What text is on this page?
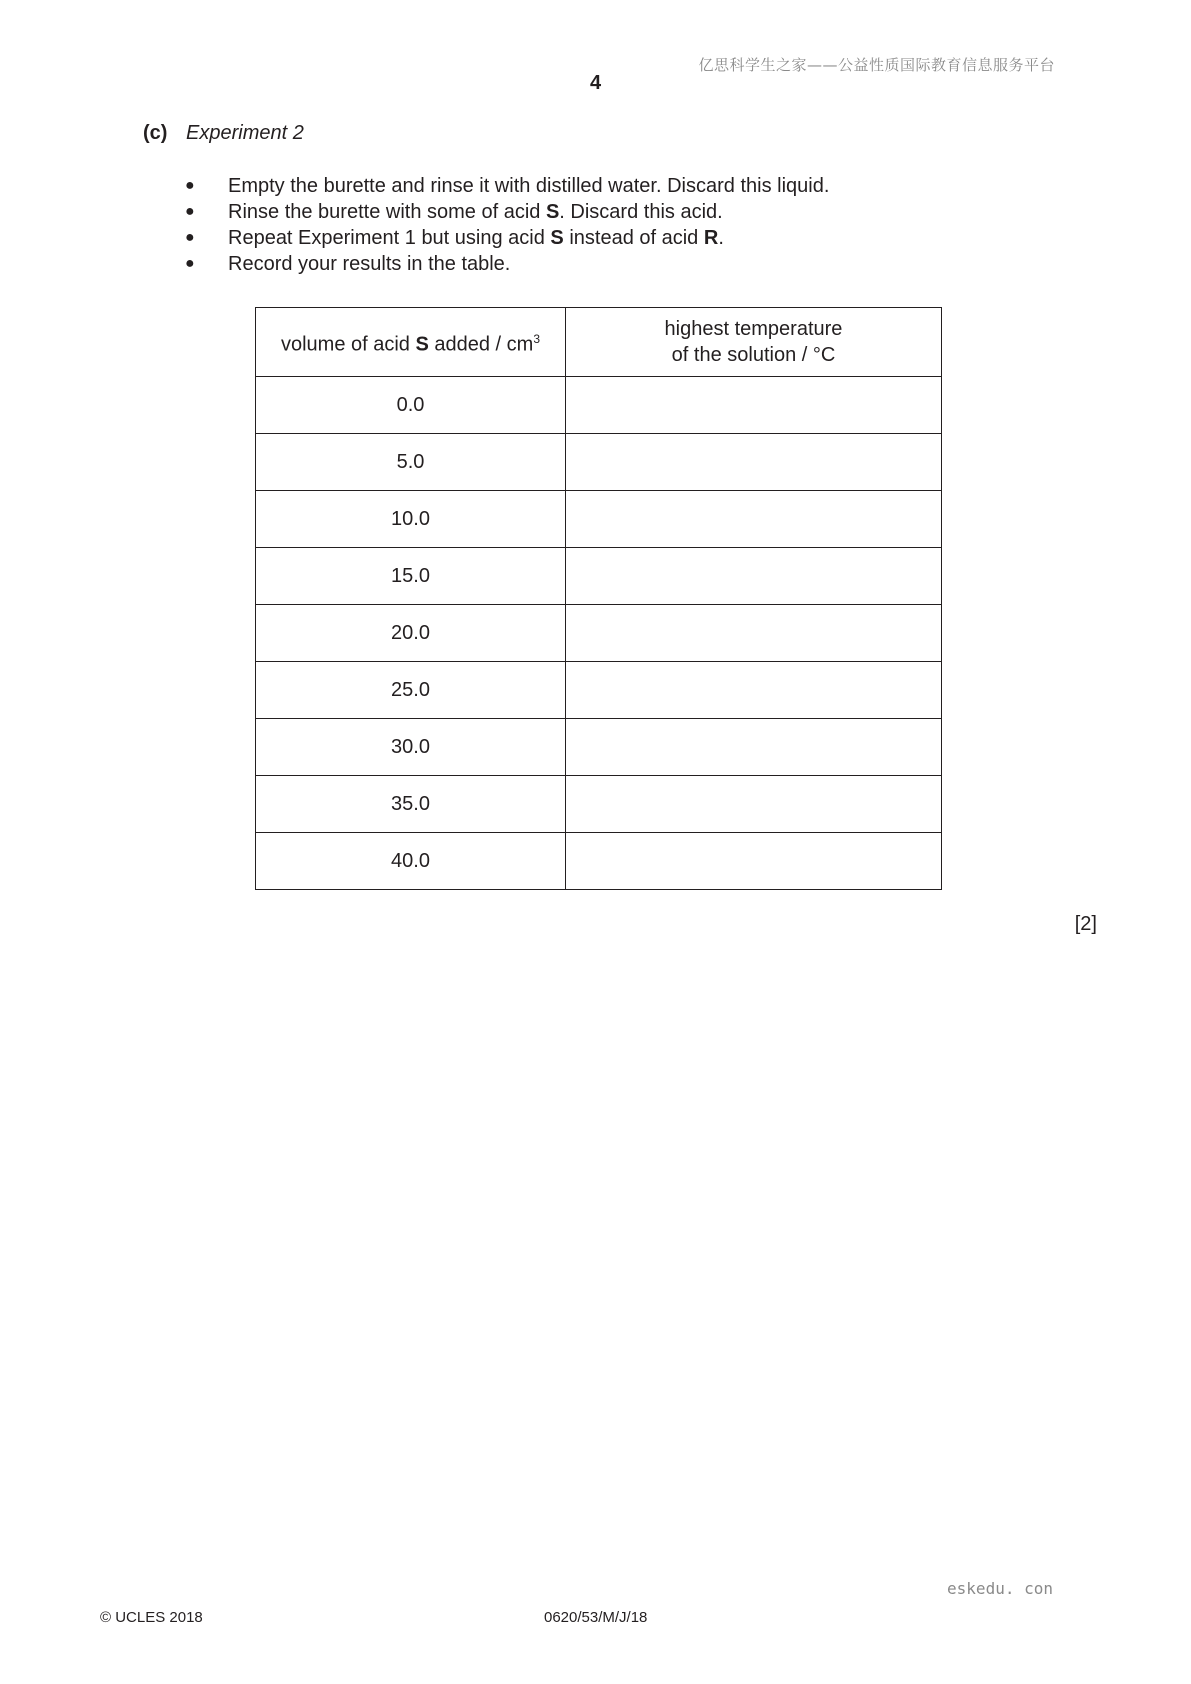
亿思科学生之家——公益性质国际教育信息服务平台
4
(c) Experiment 2
● Empty the burette and rinse it with distilled water. Discard this liquid.
● Rinse the burette with some of acid S. Discard this acid.
● Repeat Experiment 1 but using acid S instead of acid R.
● Record your results in the table.
volume of acid S added / $cm^3$	highest temperature
of the solution / °C
0.0	
5.0	
10.0	
15.0	
20.0	
25.0	
30.0	
35.0	
40.0	
[2]
eskedu. con
© UCLES 2018	0620/53/M/J/18
